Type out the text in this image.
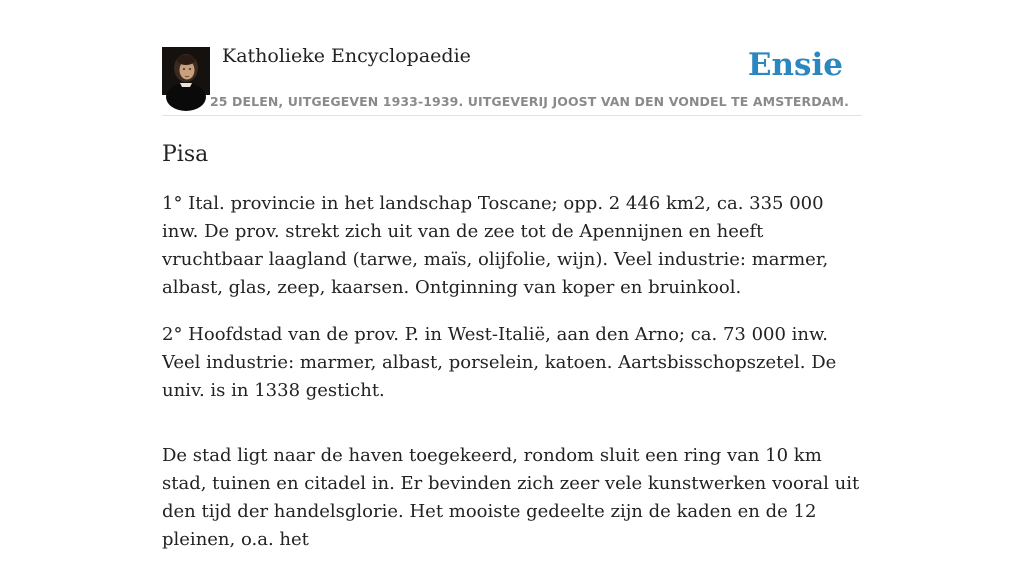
Katholieke Encyclopaedie	Ensie
25 DELEN, UITGEGEVEN 1933-1939. UITGEVERIJ JOOST VAN DEN VONDEL TE AMSTERDAM.
Pisa

1° Ital. provincie in het landschap Toscane; opp. 2 446 km2, ca. 335 000 inw. De prov. strekt zich uit van de zee tot de Apennijnen en heeft vruchtbaar laagland (tarwe, maïs, olijfolie, wijn). Veel industrie: marmer, albast, glas, zeep, kaarsen. Ontginning van koper en bruinkool.

2° Hoofdstad van de prov. P. in West-Italië, aan den Arno; ca. 73 000 inw. Veel industrie: marmer, albast, porselein, katoen. Aartsbisschopszetel. De univ. is in 1338 gesticht.

De stad ligt naar de haven toegekeerd, rondom sluit een ring van 10 km stad, tuinen en citadel in. Er bevinden zich zeer vele kunstwerken vooral uit den tijd der handelsglorie. Het mooiste gedeelte zijn de kaden en de 12 pleinen, o.a. het
